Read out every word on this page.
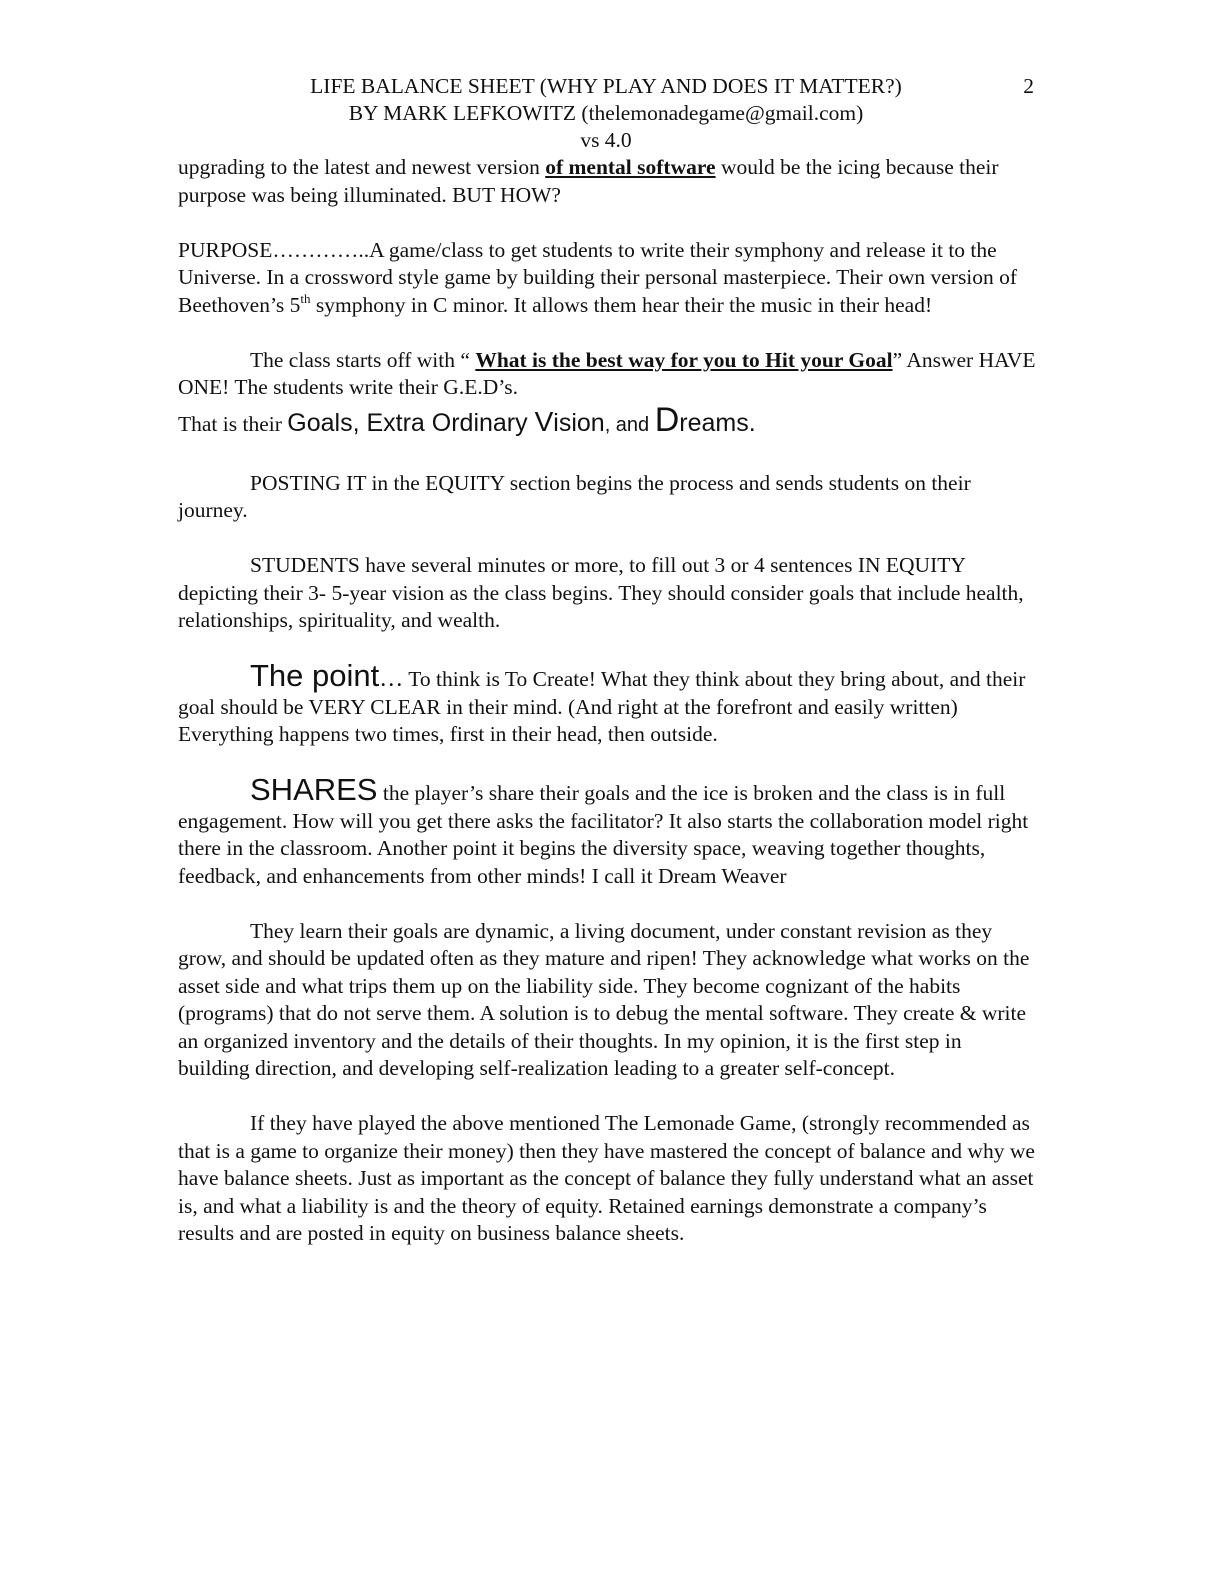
LIFE BALANCE SHEET (WHY PLAY AND DOES IT MATTER?)
BY MARK LEFKOWITZ (thelemonadegame@gmail.com)
vs 4.0
2

upgrading to the latest and newest version of mental software would be the icing because their purpose was being illuminated. BUT HOW?

PURPOSE…………..A game/class to get students to write their symphony and release it to the Universe. In a crossword style game by building their personal masterpiece. Their own version of Beethoven’s 5th symphony in C minor. It allows them hear their the music in their head!

The class starts off with “ What is the best way for you to Hit your Goal” Answer HAVE ONE! The students write their G.E.D’s.

That is their Goals, Extra Ordinary Vision, and Dreams.

POSTING IT in the EQUITY section begins the process and sends students on their journey.

STUDENTS have several minutes or more, to fill out 3 or 4 sentences IN EQUITY depicting their 3- 5-year vision as the class begins. They should consider goals that include health, relationships, spirituality, and wealth.

The point… To think is To Create! What they think about they bring about, and their goal should be VERY CLEAR in their mind. (And right at the forefront and easily written) Everything happens two times, first in their head, then outside.

SHARES the player’s share their goals and the ice is broken and the class is in full engagement. How will you get there asks the facilitator? It also starts the collaboration model right there in the classroom. Another point it begins the diversity space, weaving together thoughts, feedback, and enhancements from other minds! I call it Dream Weaver

They learn their goals are dynamic, a living document, under constant revision as they grow, and should be updated often as they mature and ripen! They acknowledge what works on the asset side and what trips them up on the liability side. They become cognizant of the habits (programs) that do not serve them. A solution is to debug the mental software. They create & write an organized inventory and the details of their thoughts. In my opinion, it is the first step in building direction, and developing self-realization leading to a greater self-concept.

If they have played the above mentioned The Lemonade Game, (strongly recommended as that is a game to organize their money) then they have mastered the concept of balance and why we have balance sheets. Just as important as the concept of balance they fully understand what an asset is, and what a liability is and the theory of equity. Retained earnings demonstrate a company’s results and are posted in equity on business balance sheets.
